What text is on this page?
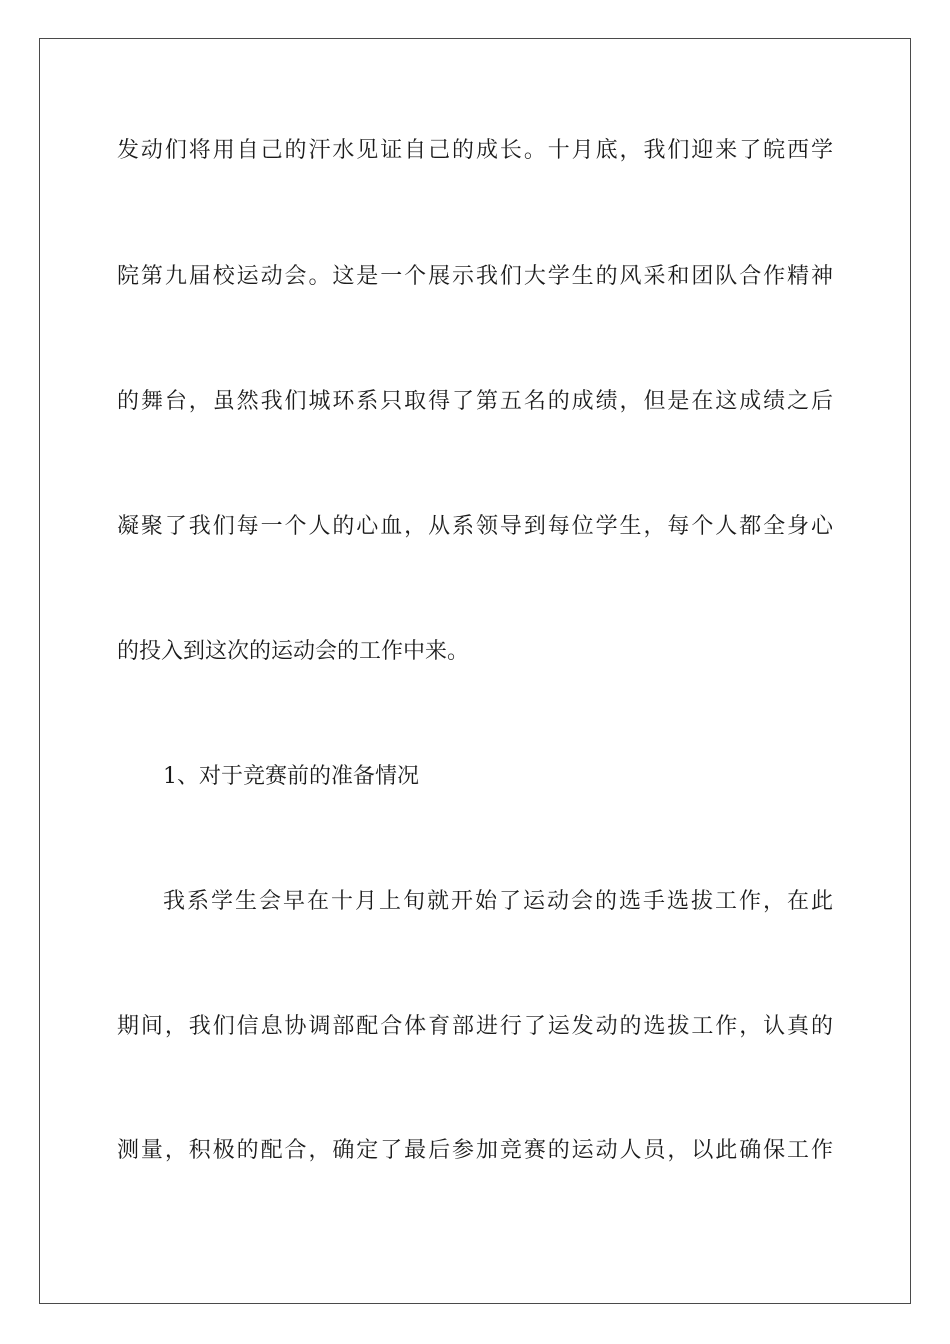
发动们将用自己的汗水见证自己的成长。十月底，我们迎来了皖西学
院第九届校运动会。这是一个展示我们大学生的风采和团队合作精神
的舞台，虽然我们城环系只取得了第五名的成绩，但是在这成绩之后
凝聚了我们每一个人的心血，从系领导到每位学生，每个人都全身心
的投入到这次的运动会的工作中来。
1、对于竞赛前的准备情况
我系学生会早在十月上旬就开始了运动会的选手选拔工作，在此
期间，我们信息协调部配合体育部进行了运发动的选拔工作，认真的
测量，积极的配合，确定了最后参加竞赛的运动人员，以此确保工作
